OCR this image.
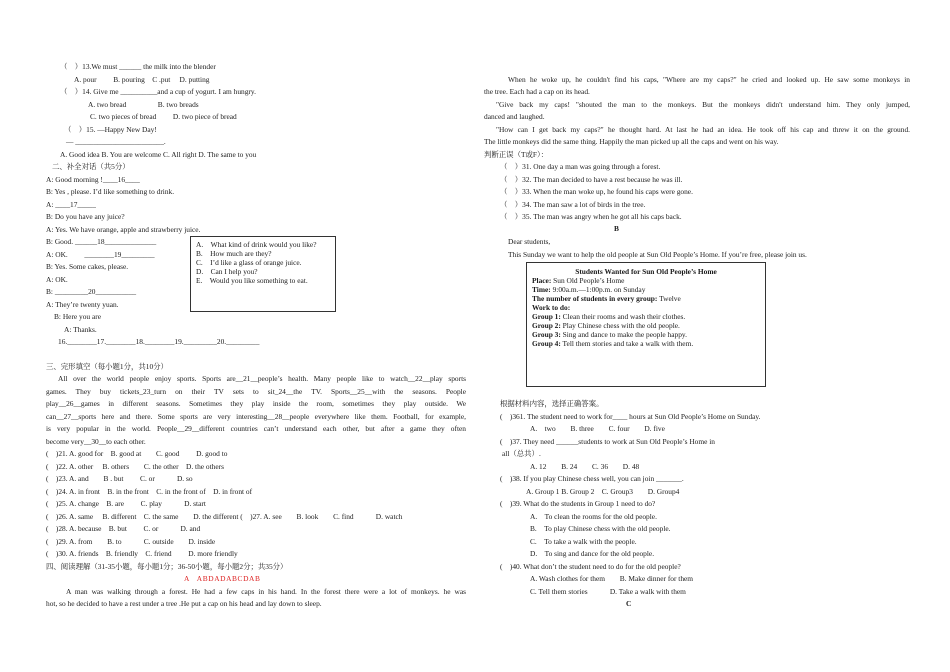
（　）13.We must ______ the milk into the blender
A. pour　　 B. pouring　C .put　 D. putting
（　）14. Give me __________and a cup of yogurt. I am hungry.
A. two bread　　　　 B. two breads
C. two pieces of bread　　 D. two piece of bread
（　）15. —Happy New Day!
— ________________________.
A. Good idea B. You are welcome C. All right D. The same to you
二、补全对话（共5分）
A: Good morning !____16____
B: Yes , please. I’d like something to drink.
A: ____17_____
B: Do you have any juice?
A: Yes. We have orange, apple and strawberry juice.
B: Good. ______18______________
A: OK.　　 ________19_________
B: Yes. Some cakes, please.
A: OK.
B: _________20___________
A: They’re twenty yuan.
B: Here you are
A: Thanks.
A.　What kind of drink would you like?
B.　How much are they?
C.　I’d like a glass of orange juice.
D.　Can I help you?
E.　Would you like something to eat.
16.________17.________18.________19._________20._________
三、完形填空（每小题1分，共10分）
All over the world people enjoy sports. Sports are__21__people’s health. Many people like to watch__22__play sports
games. They buy tickets_23_turn on their TV sets to sit_24__the TV. Sports__25__with the seasons. People
play__26__games in different seasons. Sometimes they play inside the room, sometimes they play outside. We
can__27__sports here and there. Some sports are very interesting__28__people everywhere like them. Football, for example,
is very popular in the world. People__29__different countries can’t understand each other, but after a game they often
become very__30__to each other.
(　)21. A. good for　B. good at　　C. good　　 D. good to
(　)22. A. other　 B. others　　C. the other　D. the others
(　)23. A. and　　B . but　　 C. or　　　D. so
(　)24. A. in front　B. in the front　C. in the front of　D. in front of
(　)25. A. change　B. are　　 C. play　　　D. start
(　)26. A. same　 B. different　C. the same　　D. the different (　)27. A. see　　B. look　　C. find　　　D. watch
(　)28. A. because　B. but　　 C. or　　　D. and
(　)29. A. from　　B. to　　　C. outside　　D. inside
(　)30. A. friends　B. friendly　C. friend　　 D. more friendly
四、阅读理解（31-35小题，每小题1分；36-50小题，每小题2分；共35分）
A ABDADABCDAB
A man was walking through a forest. He had a few caps in his hand. In the forest there were a lot of monkeys. he was
hot, so he decided to have a rest under a tree .He put a cap on his head and lay down to sleep.
When he woke up, he couldn't find his caps, "Where are my caps?" he cried and looked up. He saw some monkeys in
the tree. Each had a cap on its head.
"Give back my caps! "shouted the man to the monkeys. But the monkeys didn't understand him. They only jumped,
danced and laughed.
"How can I get back my caps?" he thought hard. At last he had an idea. He took off his cap and threw it on the ground.
The little monkeys did the same thing. Happily the man picked up all the caps and went on his way.
判断正误（T或F）：
（　）31. One day a man was going through a forest.
（　）32. The man decided to have a rest because he was ill.
（　）33. When the man woke up, he found his caps were gone.
（　）34. The man saw a lot of birds in the tree.
（　）35. The man was angry when he got all his caps back.
B
Dear students,
This Sunday we want to help the old people at Sun Old People’s Home. If you’re free, please join us.
Students Wanted for Sun Old People’s Home
Place: Sun Old People’s Home
Time: 9:00a.m.—1:00p.m. on Sunday
The number of students in every group: Twelve
Work to do:
Group 1: Clean their rooms and wash their clothes.
Group 2: Play Chinese chess with the old people.
Group 3: Sing and dance to make the people happy.
Group 4: Tell them stories and take a walk with them.
根据材料内容，选择正确答案。
(　)361. The student need to work for____ hours at Sun Old People’s Home on Sunday.
A.　two　　B. three　　C. four　　D. five
(　)37. They need ______students to work at Sun Old People’s Home in
all（总共）.
A. 12　　B. 24　　C. 36　　D. 48
(　)38. If you play Chinese chess well, you can join _______.
A. Group 1 B. Group 2　C. Group3　　D. Group4
(　)39. What do the students in Group 1 need to do?
A.　To clean the rooms for the old people.
B.　To play Chinese chess with the old people.
C.　To take a walk with the people.
D.　To sing and dance for the old people.
(　)40. What don’t the student need to do for the old people?
A. Wash clothes for them　　B. Make dinner for them
C. Tell them stories　　　D. Take a walk with them
C
